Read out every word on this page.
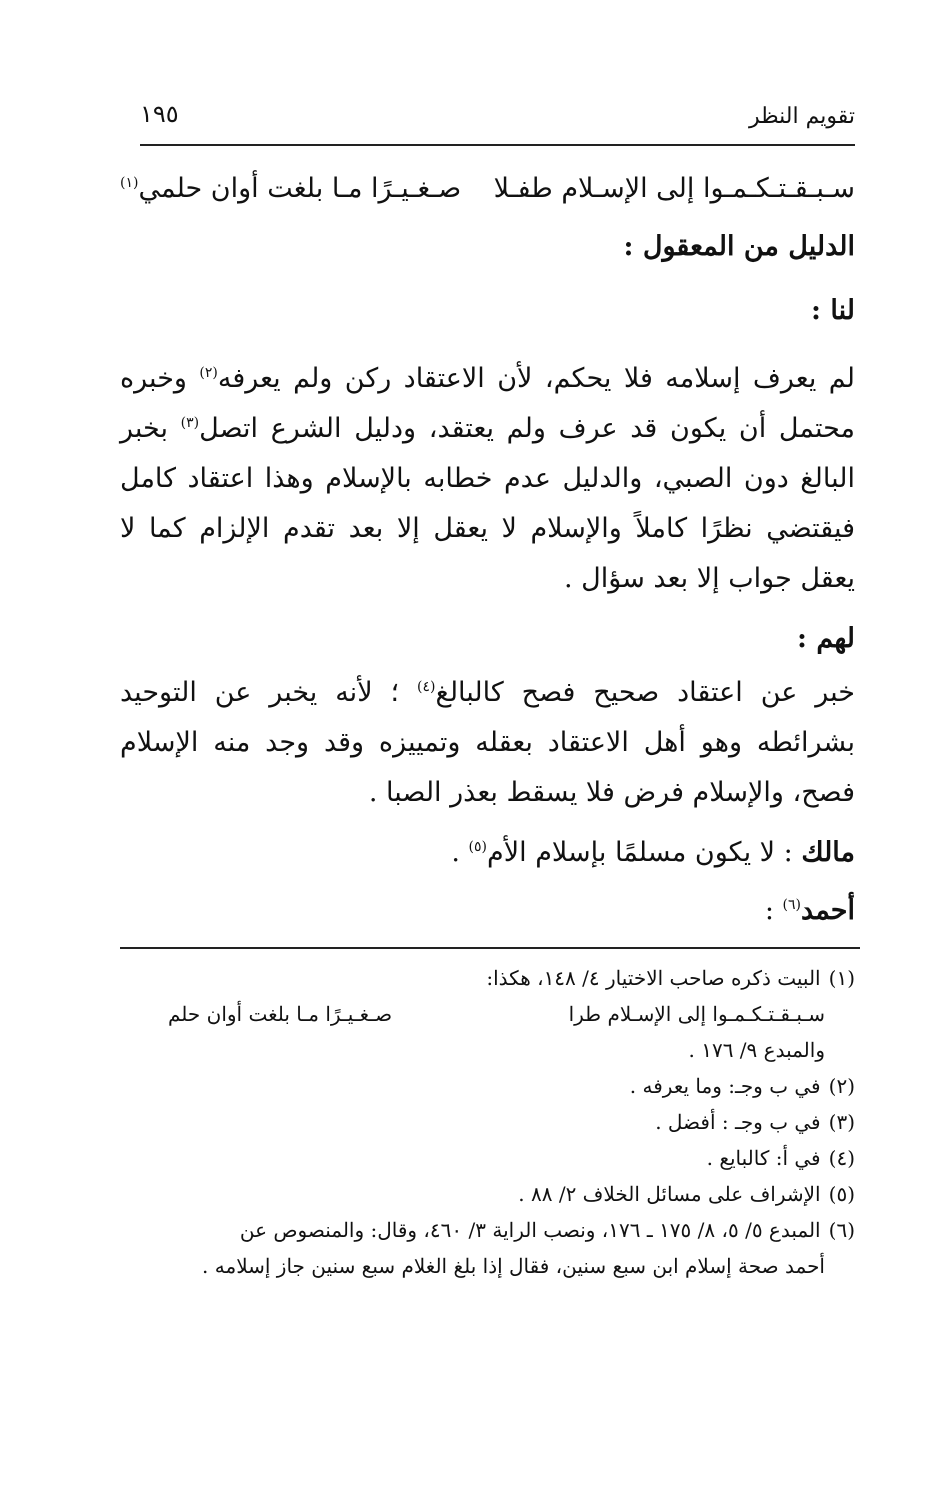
تقويم النظر
١٩٥
سـبـقـتـكـمـوا إلى الإسـلام طفـلا
صـغـيـرًا مـا بلغت أوان حلمي$^{(١)}$
الدليل من المعقول :
لنا :

لم يعرف إسلامه فلا يحكم، لأن الاعتقاد ركن ولم يعرفه$^{(٢)}$ وخبره محتمل أن يكون قد عرف ولم يعتقد، ودليل الشرع اتصل$^{(٣)}$ بخبر البالغ دون الصبي، والدليل عدم خطابه بالإسلام وهذا اعتقاد كامل فيقتضي نظرًا كاملاً والإسلام لا يعقل إلا بعد تقدم الإلزام كما لا يعقل جواب إلا بعد سؤال .

لهم :

خبر عن اعتقاد صحيح فصح كالبالغ$^{(٤)}$ ؛ لأنه يخبر عن التوحيد بشرائطه وهو أهل الاعتقاد بعقله وتمييزه وقد وجد منه الإسلام فصح، والإسلام فرض فلا يسقط بعذر الصبا .

مالك : لا يكون مسلمًا بإسلام الأم$^{(٥)}$ .
أحمد$^{(٦)}$ :
(١)البيت ذكره صاحب الاختيار ٤/ ١٤٨، هكذا:
سـبـقـتـكـمـوا إلى الإسـلام طرا
صـغـيـرًا مـا بلغت أوان حلم
والمبدع ٩/ ١٧٦ .
(٢)في ب وجـ: وما يعرفه .
(٣)في ب وجـ : أفضل .
(٤)في أ: كالبايع .
(٥)الإشراف على مسائل الخلاف ٢/ ٨٨ .
(٦)المبدع ٥/ ٥، ٨/ ١٧٥ ـ ١٧٦، ونصب الراية ٣/ ٤٦٠، وقال: والمنصوص عن
أحمد صحة إسلام ابن سبع سنين، فقال إذا بلغ الغلام سبع سنين جاز إسلامه .
